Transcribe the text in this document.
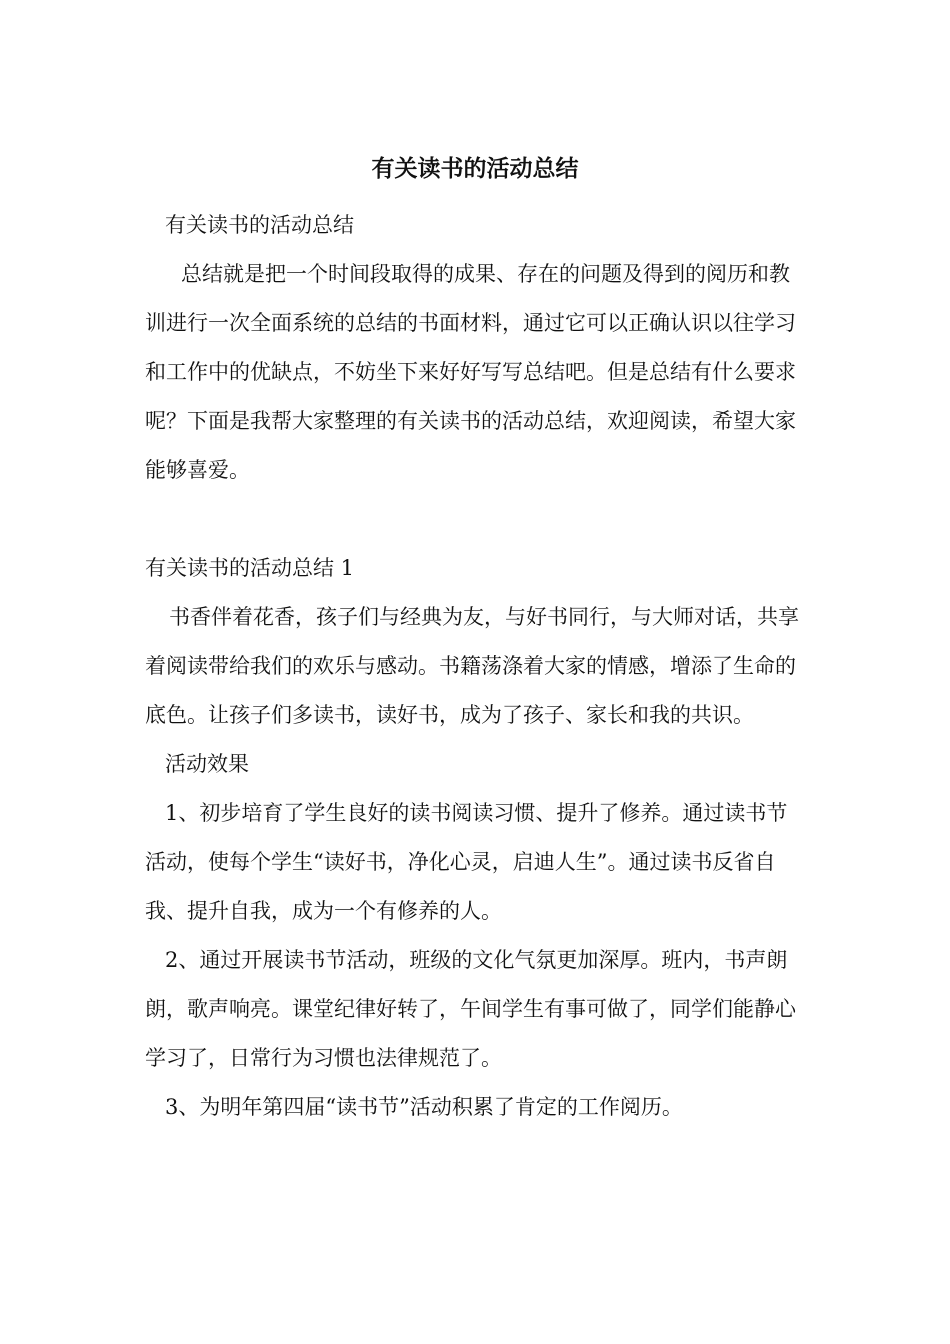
有关读书的活动总结

有关读书的活动总结

总结就是把一个时间段取得的成果、存在的问题及得到的阅历和教训进行一次全面系统的总结的书面材料，通过它可以正确认识以往学习和工作中的优缺点，不妨坐下来好好写写总结吧。但是总结有什么要求呢？下面是我帮大家整理的有关读书的活动总结，欢迎阅读，希望大家能够喜爱。

有关读书的活动总结 1

书香伴着花香，孩子们与经典为友，与好书同行，与大师对话，共享着阅读带给我们的欢乐与感动。书籍荡涤着大家的情感，增添了生命的底色。让孩子们多读书，读好书，成为了孩子、家长和我的共识。

活动效果

1、初步培育了学生良好的读书阅读习惯、提升了修养。通过读书节活动，使每个学生“读好书，净化心灵，启迪人生”。通过读书反省自我、提升自我，成为一个有修养的人。

2、通过开展读书节活动，班级的文化气氛更加深厚。班内，书声朗朗，歌声响亮。课堂纪律好转了，午间学生有事可做了，同学们能静心学习了，日常行为习惯也法律规范了。

3、为明年第四届“读书节”活动积累了肯定的工作阅历。
